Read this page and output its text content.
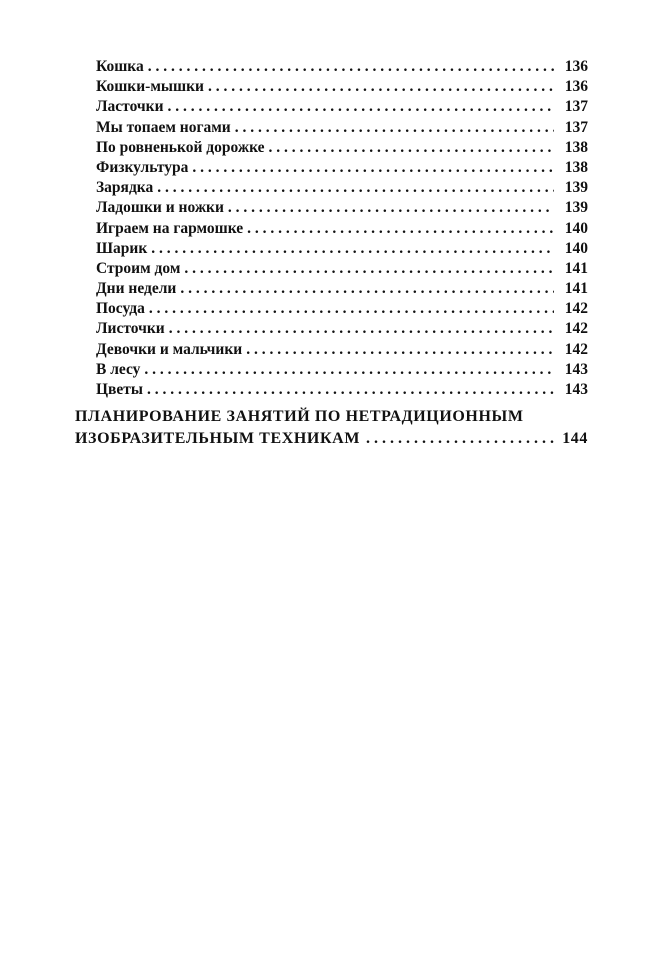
Кошка . . .	136
Кошки-мышки . . .	136
Ласточки . . .	137
Мы топаем ногами . . .	137
По ровненькой дорожке . . .	138
Физкультура . . .	138
Зарядка . . .	139
Ладошки и ножки . . .	139
Играем на гармошке . . .	140
Шарик . . .	140
Строим дом . . .	141
Дни недели . . .	141
Посуда . . .	142
Листочки . . .	142
Девочки и мальчики . . .	142
В лесу . . .	143
Цветы . . .	143
ПЛАНИРОВАНИЕ ЗАНЯТИЙ ПО НЕТРАДИЦИОННЫМ
ИЗОБРАЗИТЕЛЬНЫМ ТЕХНИКАМ . . .	144
